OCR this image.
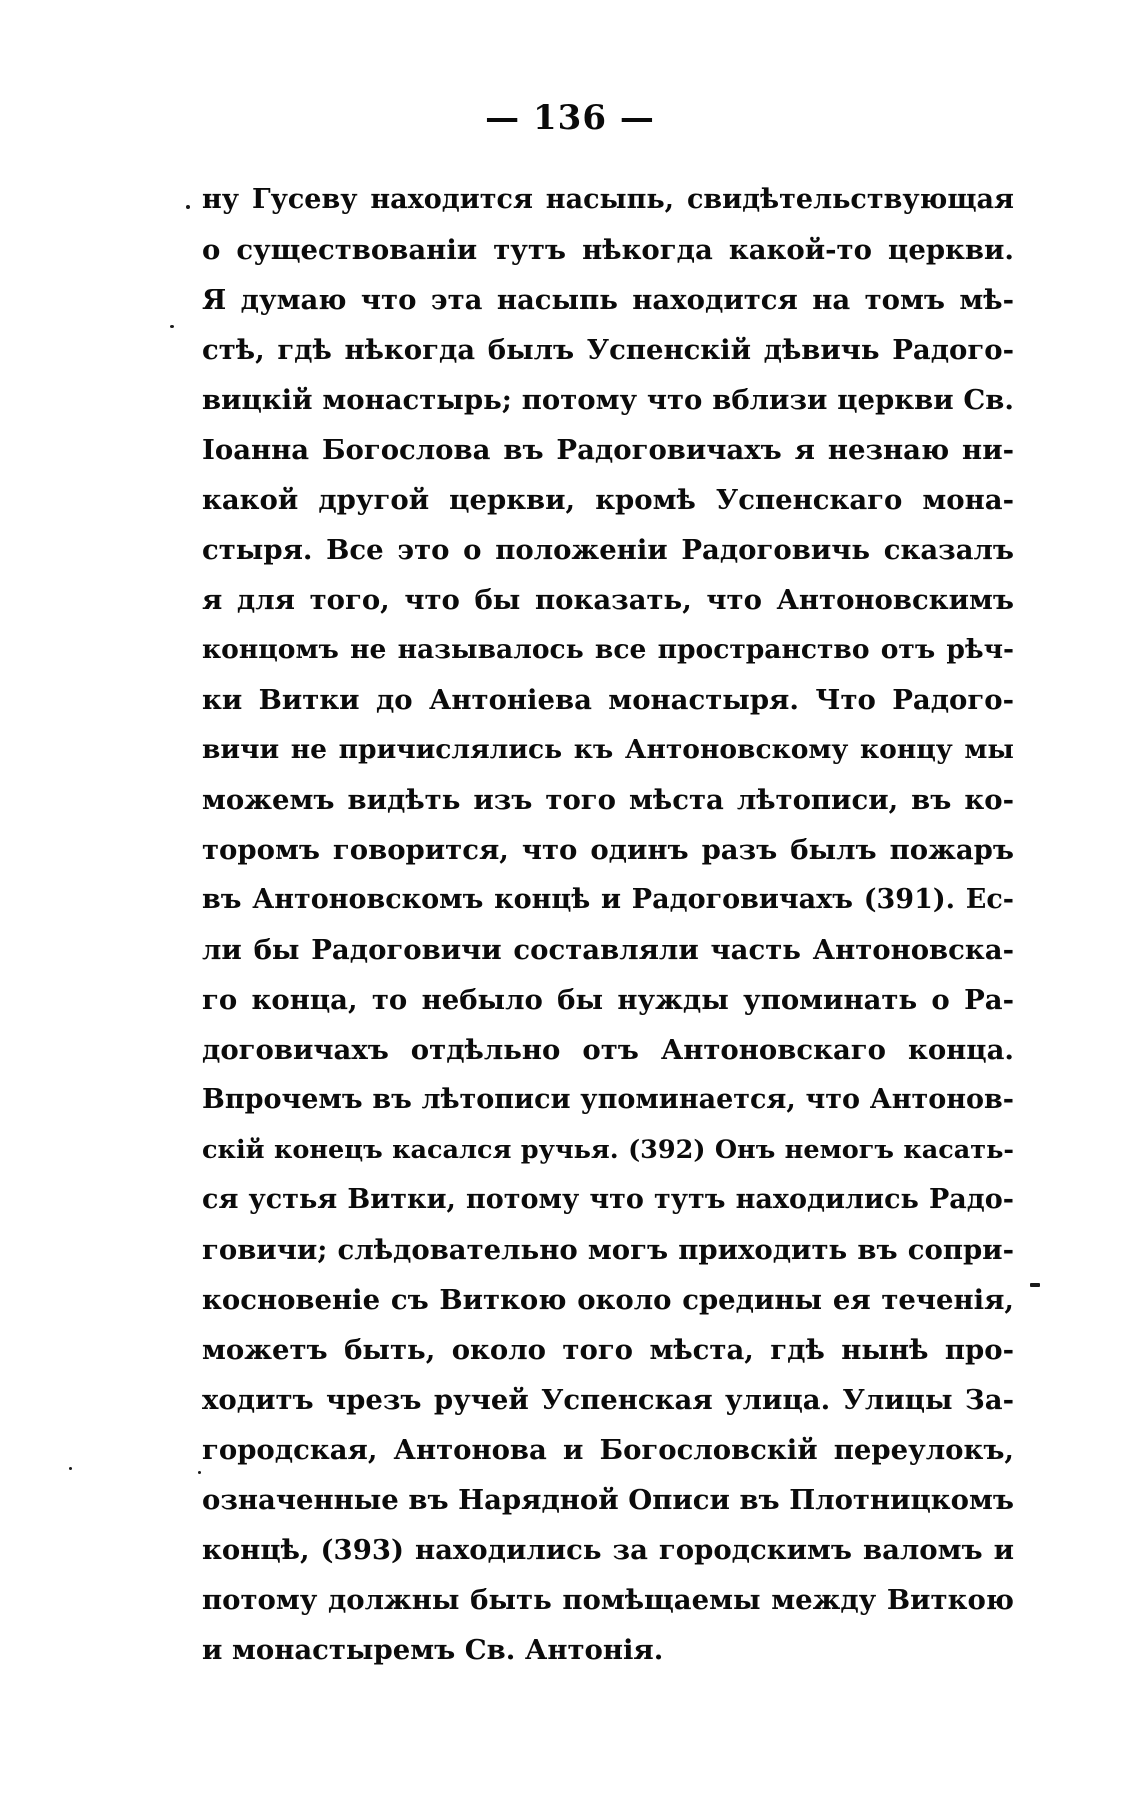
— 136 —
ну Гусеву находится насыпь, свидѣтельствующая
о существованіи тутъ нѣкогда какой-то церкви.
Я думаю что эта насыпь находится на томъ мѣ-
стѣ, гдѣ нѣкогда былъ Успенскій дѣвичь Радого-
вицкій монастырь; потому что вблизи церкви Св.
Іоанна Богослова въ Радоговичахъ я незнаю ни-
какой другой церкви, кромѣ Успенскаго мона-
стыря. Все это о положеніи Радоговичь сказалъ
я для того, что бы показать, что Антоновскимъ
концомъ не называлось все пространство отъ рѣч-
ки Витки до Антоніева монастыря. Что Радого-
вичи не причислялись къ Антоновскому концу мы
можемъ видѣть изъ того мѣста лѣтописи, въ ко-
торомъ говорится, что одинъ разъ былъ пожаръ
въ Антоновскомъ концѣ и Радоговичахъ (391). Ес-
ли бы Радоговичи составляли часть Антоновска-
го конца, то небыло бы нужды упоминать о Ра-
договичахъ отдѣльно отъ Антоновскаго конца.
Впрочемъ въ лѣтописи упоминается, что Антонов-
скій конецъ касался ручья. (392) Онъ немогъ касать-
ся устья Витки, потому что тутъ находились Радо-
говичи; слѣдовательно могъ приходить въ сопри-
косновеніе съ Виткою около средины ея теченія,
можетъ быть, около того мѣста, гдѣ нынѣ про-
ходитъ чрезъ ручей Успенская улица. Улицы За-
городская, Антонова и Богословскій переулокъ,
означенные въ Нарядной Описи въ Плотницкомъ
концѣ, (393) находились за городскимъ валомъ и
потому должны быть помѣщаемы между Виткою
и монастыремъ Св. Антонія.
